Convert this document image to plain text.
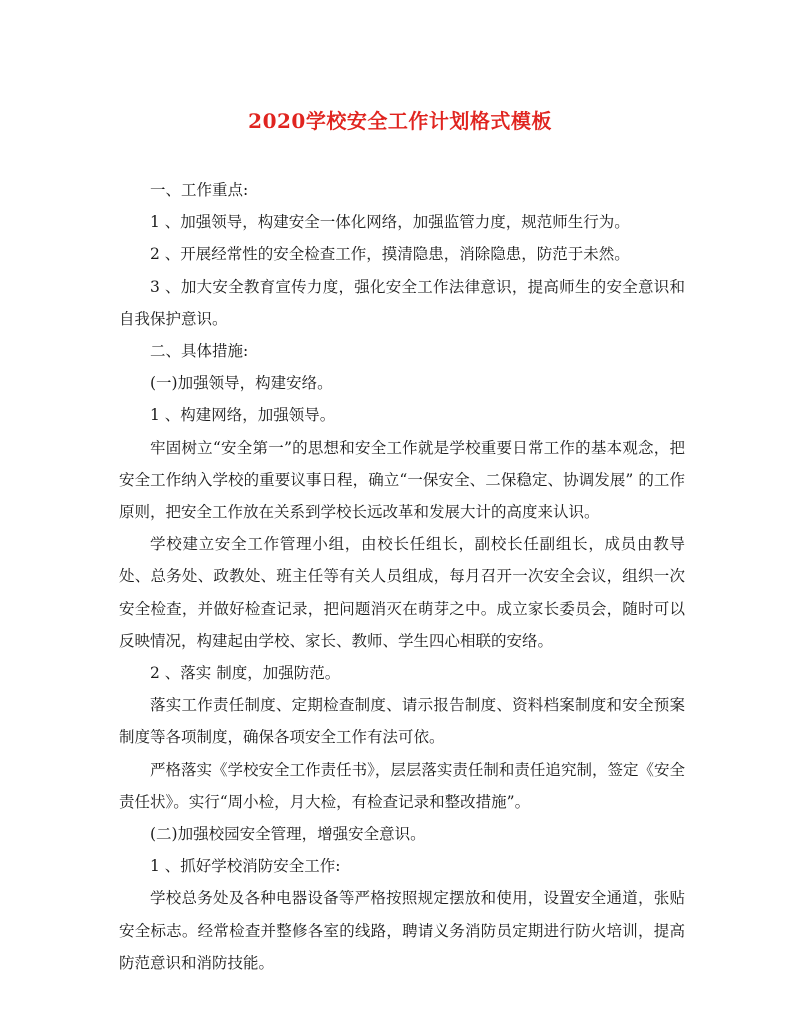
2020学校安全工作计划格式模板

一、工作重点:

1 、加强领导，构建安全一体化网络，加强监管力度，规范师生行为。

2 、开展经常性的安全检查工作，摸清隐患，消除隐患，防范于未然。

3 、加大安全教育宣传力度，强化安全工作法律意识，提高师生的安全意识和自我保护意识。

二、具体措施:

(一)加强领导，构建安络。

1 、构建网络，加强领导。

牢固树立“安全第一”的思想和安全工作就是学校重要日常工作的基本观念，把安全工作纳入学校的重要议事日程，确立“一保安全、二保稳定、协调发展” 的工作原则，把安全工作放在关系到学校长远改革和发展大计的高度来认识。

学校建立安全工作管理小组，由校长任组长，副校长任副组长，成员由教导处、总务处、政教处、班主任等有关人员组成，每月召开一次安全会议，组织一次安全检查，并做好检查记录，把问题消灭在萌芽之中。成立家长委员会，随时可以反映情况，构建起由学校、家长、教师、学生四心相联的安络。

2 、落实 制度，加强防范。

落实工作责任制度、定期检查制度、请示报告制度、资料档案制度和安全预案制度等各项制度，确保各项安全工作有法可依。

严格落实《学校安全工作责任书》，层层落实责任制和责任追究制，签定《安全责任状》。实行“周小检，月大检，有检查记录和整改措施”。

(二)加强校园安全管理，增强安全意识。

1 、抓好学校消防安全工作:

学校总务处及各种电器设备等严格按照规定摆放和使用，设置安全通道，张贴安全标志。经常检查并整修各室的线路，聘请义务消防员定期进行防火培训，提高防范意识和消防技能。
